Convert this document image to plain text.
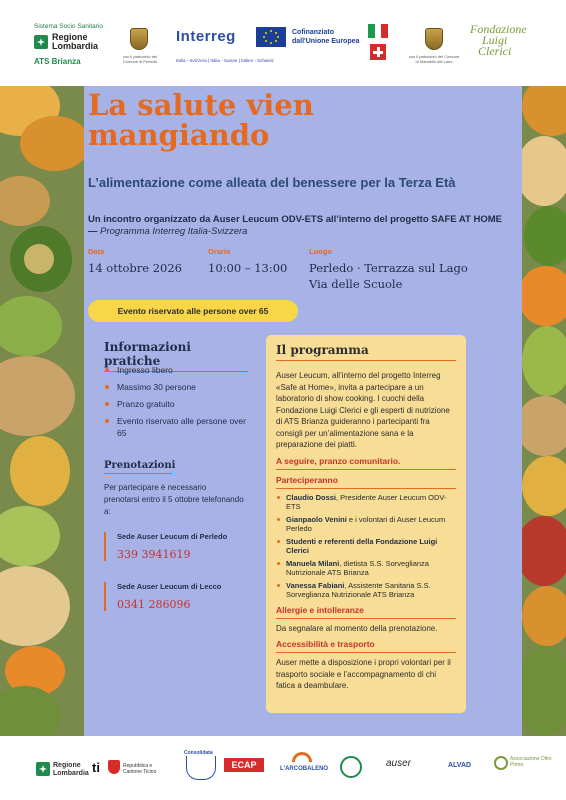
Sistema Socio Sanitario
Regione
Lombardia
ATS Brianza
con il patrocinio del Comune di Perledo
Interreg
Italia - Svizzera | Italia - Suisse | Italien - Schweiz
Cofinanziato
dall'Unione Europea
con il patrocinio del Comune di Mandello del Lario
Fondazione
Luigi
Clerici
La salute vien mangiando
L’alimentazione come alleata del benessere per la Terza Età
Un incontro organizzato da Auser Leucum ODV-ETS all’interno del progetto SAFE AT HOME — Programma Interreg Italia-Svizzera
Data
14 ottobre 2026
Orario
10:00 – 13:00
Luogo
Perledo · Terrazza sul Lago
Via delle Scuole
Evento riservato alle persone over 65
Informazioni pratiche
Ingresso libero
Massimo 30 persone
Pranzo gratuito
Evento riservato alle persone over 65
Prenotazioni
Per partecipare è necessario prenotarsi entro il 5 ottobre telefonando a:
Sede Auser Leucum di Perledo
339 3941619
Sede Auser Leucum di Lecco
0341 286096
Il programma
Auser Leucum, all’interno del progetto Interreg «Safe at Home», invita a partecipare a un laboratorio di show cooking. I cuochi della Fondazione Luigi Clerici e gli esperti di nutrizione di ATS Brianza guideranno i partecipanti fra consigli per un’alimentazione sana e la preparazione dei piatti.
A seguire, pranzo comunitario.
Parteciperanno
Claudio Dossi, Presidente Auser Leucum ODV-ETS
Gianpaolo Venini e i volontari di Auser Leucum Perledo
Studenti e referenti della Fondazione Luigi Clerici
Manuela Milani, dietista S.S. Sorveglianza Nutrizionale ATS Brianza
Vanessa Fabiani, Assistente Sanitaria S.S. Sorveglianza Nutrizionale ATS Brianza
Allergie e intolleranze
Da segnalare al momento della prenotazione.
Accessibilità e trasporto
Auser mette a disposizione i propri volontari per il trasporto sociale e l’accompagnamento di chi fatica a deambulare.
Regione
Lombardia ti	Repubblica e Cantone Ticino
Consolidata
ECAP	L'ARCOBALENO	auser	ALVAD
Associazione Oltre Prima
